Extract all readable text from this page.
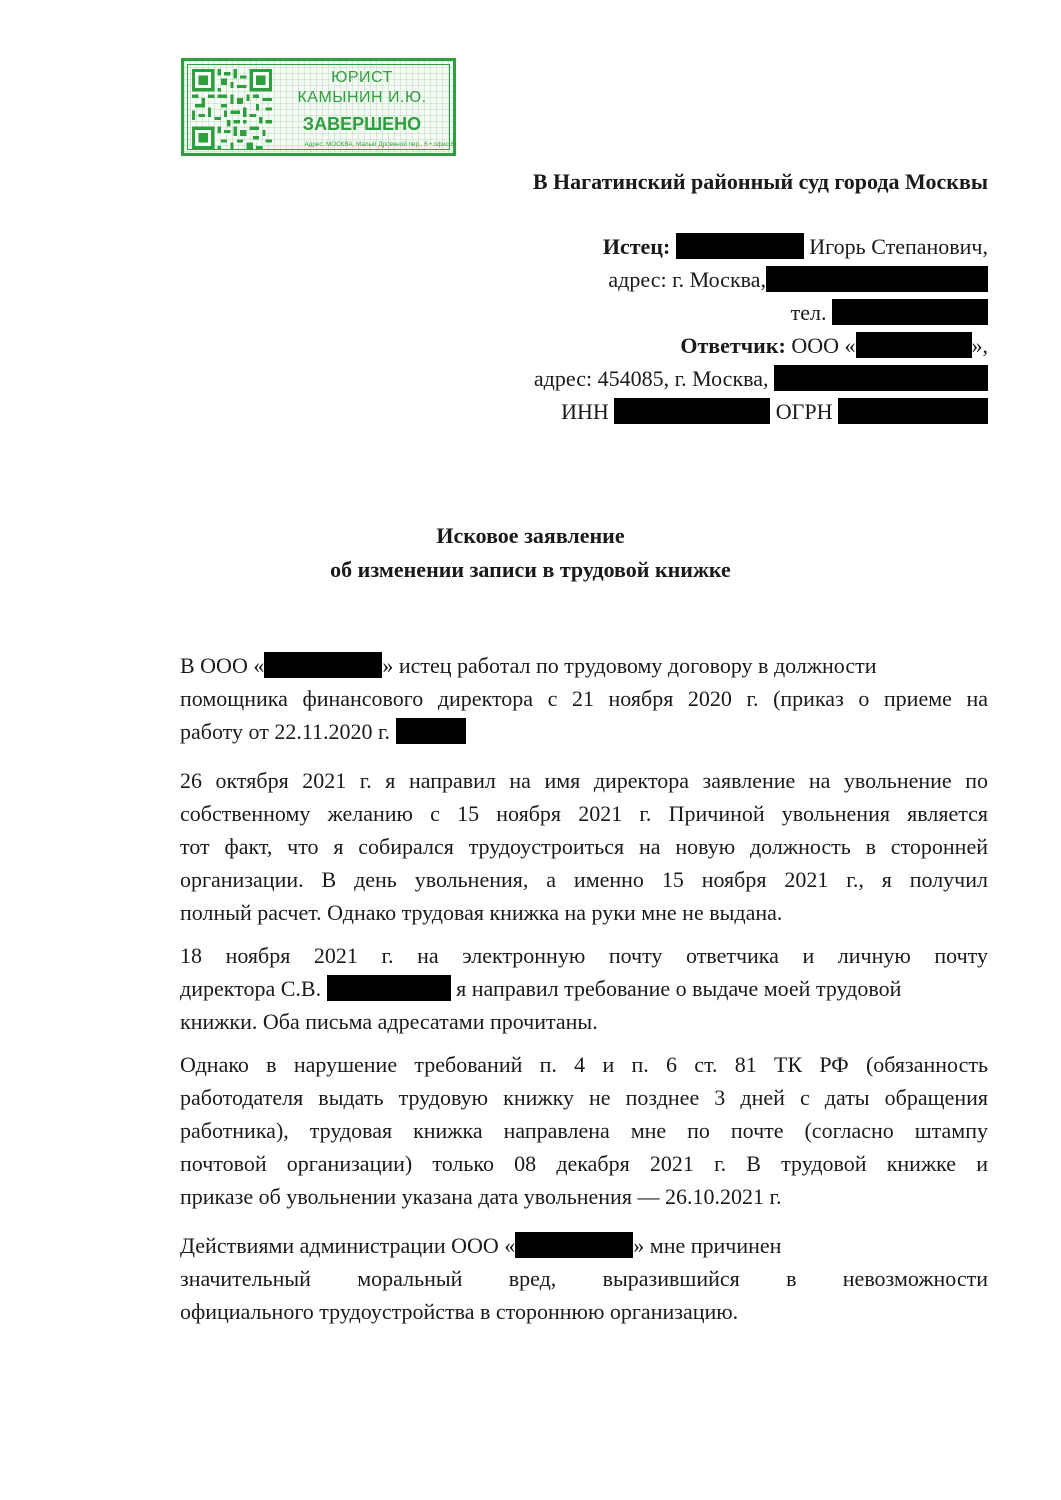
ЮРИСТ
КАМЫНИН И.Ю.
ЗАВЕРШЕНО
Адрес: МОСКВА, Малый Дровяной пер., 6 • офис 6
В Нагатинский районный суд города Москвы
Истец:	Игорь Степанович,
адрес: г. Москва,
тел.
Ответчик: ООО «	»,
адрес: 454085, г. Москва,
ИНН	ОГРН
Исковое заявление
об изменении записи в трудовой книжке
В ООО «	» истец работал по трудовому договору в должности
помощника финансового директора с 21 ноября 2020 г. (приказ о приеме на
работу от 22.11.2020 г.
26 октября 2021 г. я направил на имя директора заявление на увольнение по
собственному желанию с 15 ноября 2021 г. Причиной увольнения является
тот факт, что я собирался трудоустроиться на новую должность в сторонней
организации. В день увольнения, а именно 15 ноября 2021 г., я получил
полный расчет. Однако трудовая книжка на руки мне не выдана.
18 ноября 2021 г. на электронную почту ответчика и личную почту
директора С.В.	я направил требование о выдаче моей трудовой
книжки. Оба письма адресатами прочитаны.
Однако в нарушение требований п. 4 и п. 6 ст. 81 ТК РФ (обязанность
работодателя выдать трудовую книжку не позднее 3 дней с даты обращения
работника), трудовая книжка направлена мне по почте (согласно штампу
почтовой организации) только 08 декабря 2021 г. В трудовой книжке и
приказе об увольнении указана дата увольнения — 26.10.2021 г.
Действиями администрации ООО «	» мне причинен
значительный моральный вред, выразившийся в невозможности
официального трудоустройства в стороннюю организацию.
